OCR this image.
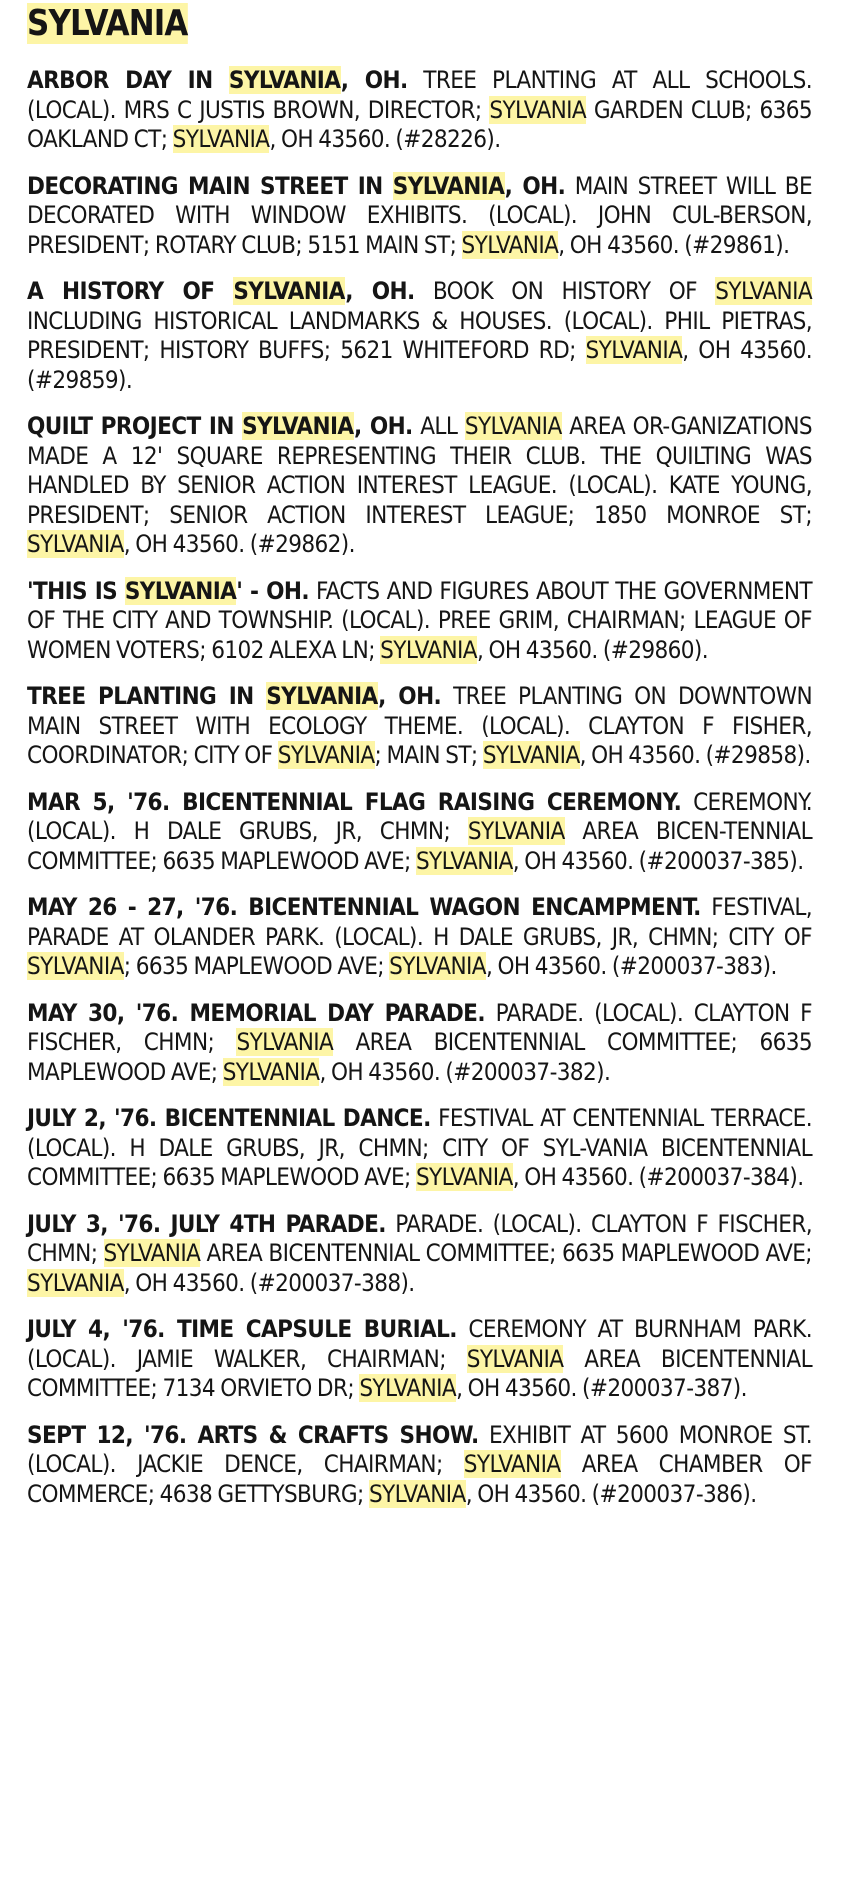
SYLVANIA

ARBOR DAY IN SYLVANIA, OH. TREE PLANTING AT ALL SCHOOLS. (LOCAL). MRS C JUSTIS BROWN, DIRECTOR; SYLVANIA GARDEN CLUB; 6365 OAKLAND CT; SYLVANIA, OH 43560. (#28226).

DECORATING MAIN STREET IN SYLVANIA, OH. MAIN STREET WILL BE DECORATED WITH WINDOW EXHIBITS. (LOCAL). JOHN CUL-BERSON, PRESIDENT; ROTARY CLUB; 5151 MAIN ST; SYLVANIA, OH 43560. (#29861).

A HISTORY OF SYLVANIA, OH. BOOK ON HISTORY OF SYLVANIA INCLUDING HISTORICAL LANDMARKS & HOUSES. (LOCAL). PHIL PIETRAS, PRESIDENT; HISTORY BUFFS; 5621 WHITEFORD RD; SYLVANIA, OH 43560. (#29859).

QUILT PROJECT IN SYLVANIA, OH. ALL SYLVANIA AREA OR-GANIZATIONS MADE A 12' SQUARE REPRESENTING THEIR CLUB. THE QUILTING WAS HANDLED BY SENIOR ACTION INTEREST LEAGUE. (LOCAL). KATE YOUNG, PRESIDENT; SENIOR ACTION INTEREST LEAGUE; 1850 MONROE ST; SYLVANIA, OH 43560. (#29862).

'THIS IS SYLVANIA' - OH. FACTS AND FIGURES ABOUT THE GOVERNMENT OF THE CITY AND TOWNSHIP. (LOCAL). PREE GRIM, CHAIRMAN; LEAGUE OF WOMEN VOTERS; 6102 ALEXA LN; SYLVANIA, OH 43560. (#29860).

TREE PLANTING IN SYLVANIA, OH. TREE PLANTING ON DOWNTOWN MAIN STREET WITH ECOLOGY THEME. (LOCAL). CLAYTON F FISHER, COORDINATOR; CITY OF SYLVANIA; MAIN ST; SYLVANIA, OH 43560. (#29858).

MAR 5, '76. BICENTENNIAL FLAG RAISING CEREMONY. CEREMONY. (LOCAL). H DALE GRUBS, JR, CHMN; SYLVANIA AREA BICEN-TENNIAL COMMITTEE; 6635 MAPLEWOOD AVE; SYLVANIA, OH 43560. (#200037-385).

MAY 26 - 27, '76. BICENTENNIAL WAGON ENCAMPMENT. FESTIVAL, PARADE AT OLANDER PARK. (LOCAL). H DALE GRUBS, JR, CHMN; CITY OF SYLVANIA; 6635 MAPLEWOOD AVE; SYLVANIA, OH 43560. (#200037-383).

MAY 30, '76. MEMORIAL DAY PARADE. PARADE. (LOCAL). CLAYTON F FISCHER, CHMN; SYLVANIA AREA BICENTENNIAL COMMITTEE; 6635 MAPLEWOOD AVE; SYLVANIA, OH 43560. (#200037-382).

JULY 2, '76. BICENTENNIAL DANCE. FESTIVAL AT CENTENNIAL TERRACE. (LOCAL). H DALE GRUBS, JR, CHMN; CITY OF SYL-VANIA BICENTENNIAL COMMITTEE; 6635 MAPLEWOOD AVE; SYLVANIA, OH 43560. (#200037-384).

JULY 3, '76. JULY 4TH PARADE. PARADE. (LOCAL). CLAYTON F FISCHER, CHMN; SYLVANIA AREA BICENTENNIAL COMMITTEE; 6635 MAPLEWOOD AVE; SYLVANIA, OH 43560. (#200037-388).

JULY 4, '76. TIME CAPSULE BURIAL. CEREMONY AT BURNHAM PARK. (LOCAL). JAMIE WALKER, CHAIRMAN; SYLVANIA AREA BICENTENNIAL COMMITTEE; 7134 ORVIETO DR; SYLVANIA, OH 43560. (#200037-387).

SEPT 12, '76. ARTS & CRAFTS SHOW. EXHIBIT AT 5600 MONROE ST. (LOCAL). JACKIE DENCE, CHAIRMAN; SYLVANIA AREA CHAMBER OF COMMERCE; 4638 GETTYSBURG; SYLVANIA, OH 43560. (#200037-386).
